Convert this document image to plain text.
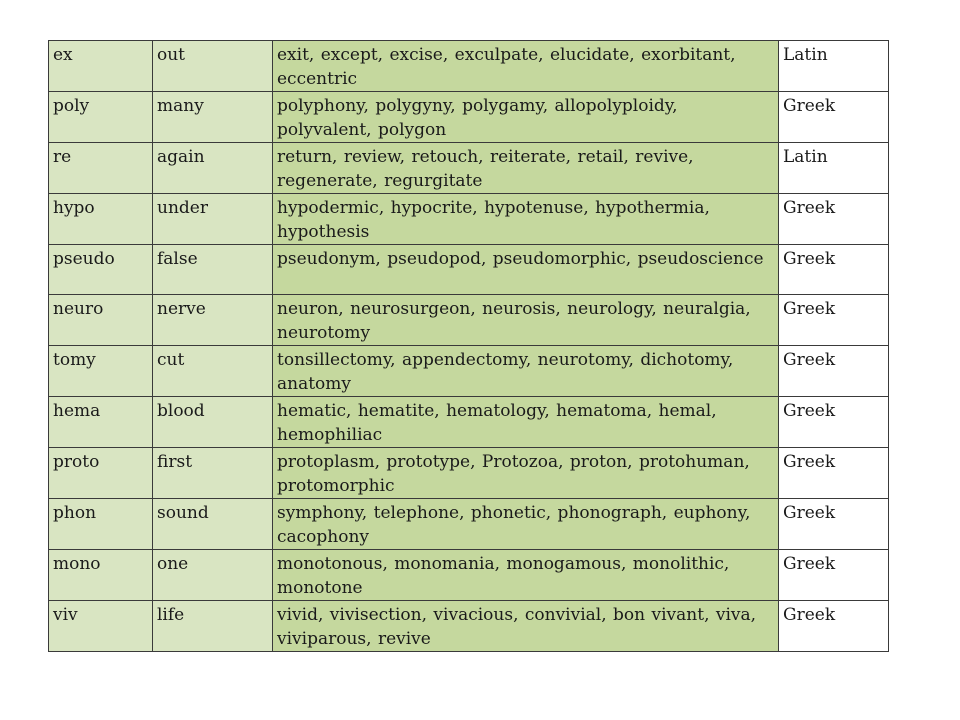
ex	out	exit, except, excise, exculpate, elucidate, exorbitant, eccentric	Latin
poly	many	polyphony, polygyny, polygamy, allopolyploidy, polyvalent, polygon	Greek
re	again	return, review, retouch, reiterate, retail, revive, regenerate, regurgitate	Latin
hypo	under	hypodermic, hypocrite, hypotenuse, hypothermia, hypothesis	Greek
pseudo	false	pseudonym, pseudopod, pseudomorphic, pseudoscience	Greek
neuro	nerve	neuron, neurosurgeon, neurosis, neurology, neuralgia, neurotomy	Greek
tomy	cut	tonsillectomy, appendectomy, neurotomy, dichotomy, anatomy	Greek
hema	blood	hematic, hematite, hematology, hematoma, hemal, hemophiliac	Greek
proto	first	protoplasm, prototype, Protozoa, proton, protohuman, protomorphic	Greek
phon	sound	symphony, telephone, phonetic, phonograph, euphony, cacophony	Greek
mono	one	monotonous, monomania, monogamous, monolithic, monotone	Greek
viv	life	vivid, vivisection, vivacious, convivial, bon vivant, viva, viviparous, revive	Greek
